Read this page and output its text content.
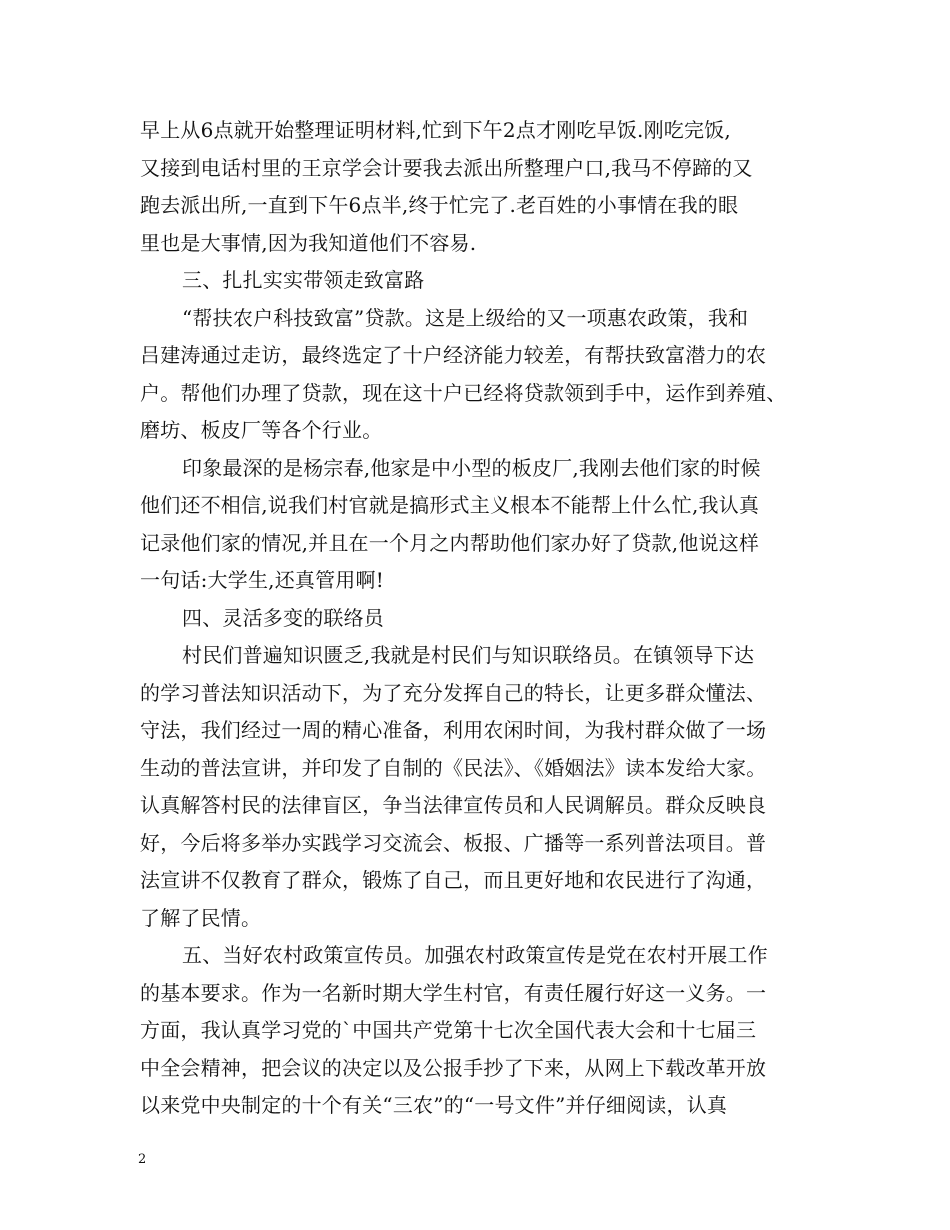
早上从6点就开始整理证明材料,忙到下午2点才刚吃早饭.刚吃完饭,
又接到电话村里的王京学会计要我去派出所整理户口,我马不停蹄的又
跑去派出所,一直到下午6点半,终于忙完了.老百姓的小事情在我的眼
里也是大事情,因为我知道他们不容易.
三、扎扎实实带领走致富路
“帮扶农户科技致富”贷款。这是上级给的又一项惠农政策，我和
吕建涛通过走访，最终选定了十户经济能力较差，有帮扶致富潜力的农
户。帮他们办理了贷款，现在这十户已经将贷款领到手中，运作到养殖、
磨坊、板皮厂等各个行业。
印象最深的是杨宗春,他家是中小型的板皮厂,我刚去他们家的时候
他们还不相信,说我们村官就是搞形式主义根本不能帮上什么忙,我认真
记录他们家的情况,并且在一个月之内帮助他们家办好了贷款,他说这样
一句话:大学生,还真管用啊!
四、灵活多变的联络员
村民们普遍知识匮乏,我就是村民们与知识联络员。在镇领导下达
的学习普法知识活动下，为了充分发挥自己的特长，让更多群众懂法、
守法，我们经过一周的精心准备，利用农闲时间，为我村群众做了一场
生动的普法宣讲，并印发了自制的《民法》、《婚姻法》读本发给大家。
认真解答村民的法律盲区，争当法律宣传员和人民调解员。群众反映良
好，今后将多举办实践学习交流会、板报、广播等一系列普法项目。普
法宣讲不仅教育了群众，锻炼了自己，而且更好地和农民进行了沟通，
了解了民情。
五、当好农村政策宣传员。加强农村政策宣传是党在农村开展工作
的基本要求。作为一名新时期大学生村官，有责任履行好这一义务。一
方面，我认真学习党的`中国共产党第十七次全国代表大会和十七届三
中全会精神，把会议的决定以及公报手抄了下来，从网上下载改革开放
以来党中央制定的十个有关“三农”的“一号文件”并仔细阅读，认真
2
